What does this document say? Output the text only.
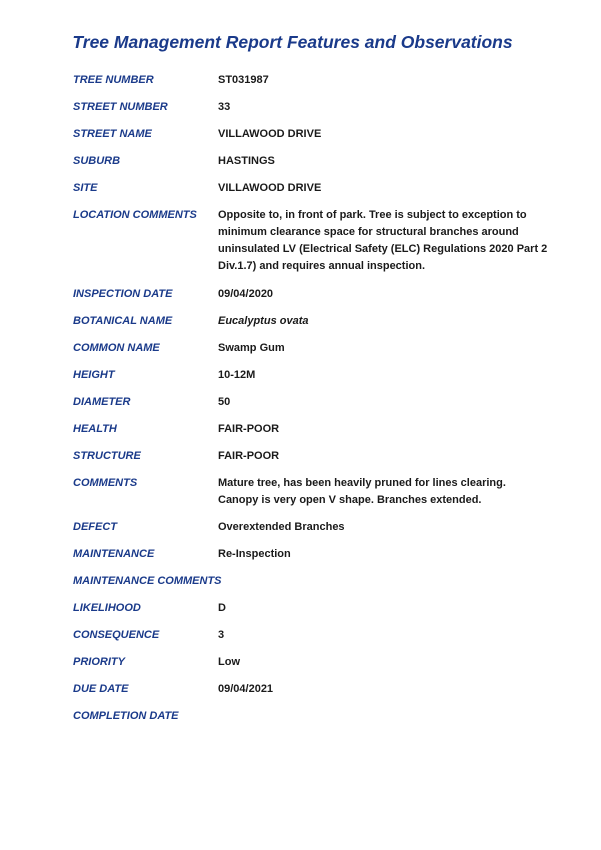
Tree Management Report Features and Observations
TREE NUMBER	ST031987
STREET NUMBER	33
STREET NAME	VILLAWOOD DRIVE
SUBURB	HASTINGS
SITE	VILLAWOOD DRIVE
LOCATION COMMENTS	Opposite to, in front of park. Tree is subject to exception to minimum clearance space for structural branches around uninsulated LV (Electrical Safety (ELC) Regulations 2020 Part 2 Div.1.7) and requires annual inspection.
INSPECTION DATE	09/04/2020
BOTANICAL NAME	Eucalyptus ovata
COMMON NAME	Swamp Gum
HEIGHT	10-12M
DIAMETER	50
HEALTH	FAIR-POOR
STRUCTURE	FAIR-POOR
COMMENTS	Mature tree, has been heavily pruned for lines clearing. Canopy is very open V shape. Branches extended.
DEFECT	Overextended Branches
MAINTENANCE	Re-Inspection
MAINTENANCE COMMENTS
LIKELIHOOD	D
CONSEQUENCE	3
PRIORITY	Low
DUE DATE	09/04/2021
COMPLETION DATE
